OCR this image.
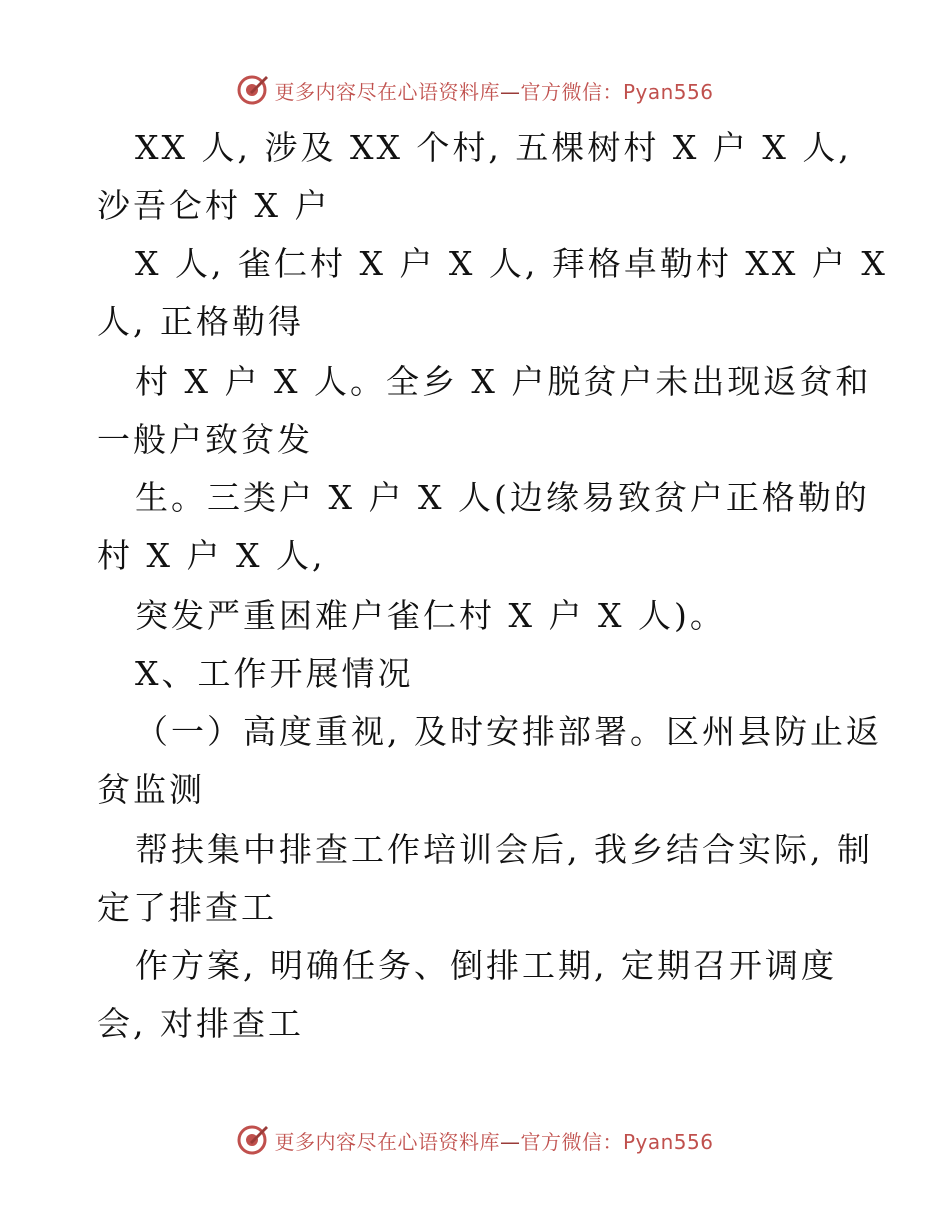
更多内容尽在心语资料库—官方微信：Pyan556
XX 人, 涉及 XX 个村, 五棵树村 X 户 X 人,
沙吾仑村 X 户
X 人, 雀仁村 X 户 X 人, 拜格卓勒村 XX 户 X
人, 正格勒得
村 X 户 X 人。全乡 X 户脱贫户未出现返贫和
一般户致贫发
生。三类户 X 户 X 人(边缘易致贫户正格勒的
村 X 户 X 人,
突发严重困难户雀仁村 X 户 X 人)。
X、工作开展情况
（一）高度重视, 及时安排部署。区州县防止返
贫监测
帮扶集中排查工作培训会后, 我乡结合实际, 制
定了排查工
作方案, 明确任务、倒排工期, 定期召开调度
会, 对排查工
更多内容尽在心语资料库—官方微信：Pyan556
